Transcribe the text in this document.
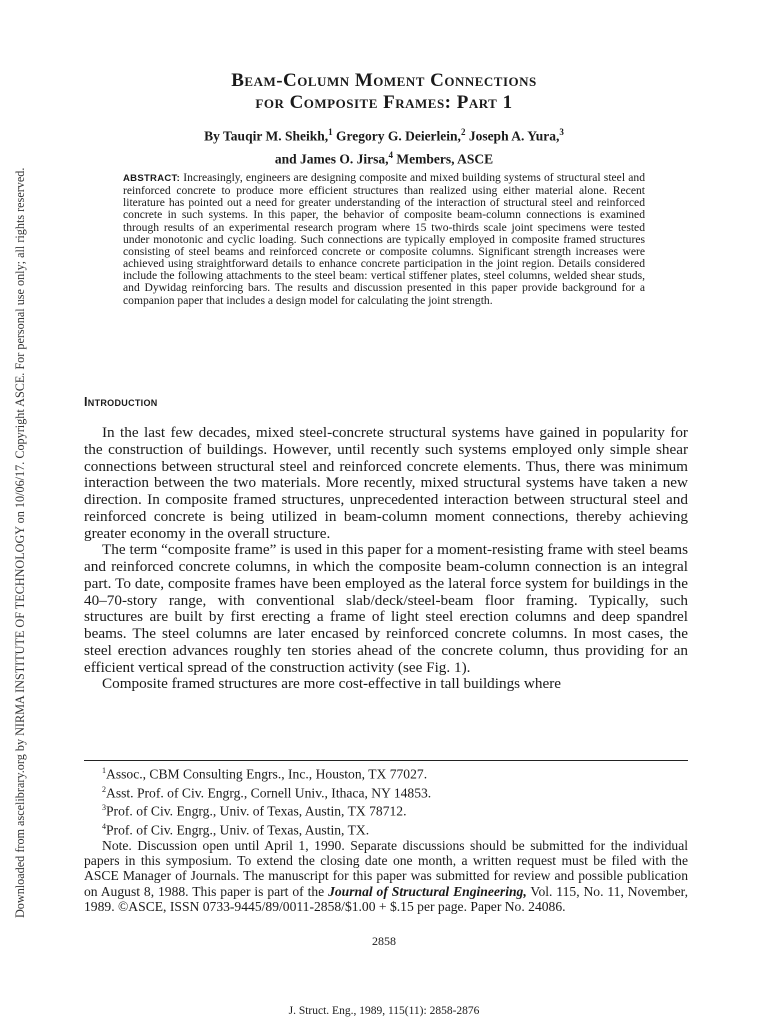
Downloaded from ascelibrary.org by NIRMA INSTITUTE OF TECHNOLOGY on 10/06/17. Copyright ASCE. For personal use only; all rights reserved.
Beam-Column Moment Connections
for Composite Frames: Part 1
By Tauqir M. Sheikh,$^1$ Gregory G. Deierlein,$^2$ Joseph A. Yura,$^3$
and James O. Jirsa,$^4$ Members, ASCE
ABSTRACT: Increasingly, engineers are designing composite and mixed building systems of structural steel and reinforced concrete to produce more efficient structures than realized using either material alone. Recent literature has pointed out a need for greater understanding of the interaction of structural steel and reinforced concrete in such systems. In this paper, the behavior of composite beam-column connections is examined through results of an experimental research program where 15 two-thirds scale joint specimens were tested under monotonic and cyclic loading. Such connections are typically employed in composite framed structures consisting of steel beams and reinforced concrete or composite columns. Significant strength increases were achieved using straightforward details to enhance concrete participation in the joint region. Details considered include the following attachments to the steel beam: vertical stiffener plates, steel columns, welded shear studs, and Dywidag reinforcing bars. The results and discussion presented in this paper provide background for a companion paper that includes a design model for calculating the joint strength.
Introduction

In the last few decades, mixed steel-concrete structural systems have gained in popularity for the construction of buildings. However, until recently such systems employed only simple shear connections between structural steel and reinforced concrete elements. Thus, there was minimum interaction between the two materials. More recently, mixed structural systems have taken a new direction. In composite framed structures, unprecedented interaction between structural steel and reinforced concrete is being utilized in beam-column moment connections, thereby achieving greater economy in the overall structure.

The term “composite frame” is used in this paper for a moment-resisting frame with steel beams and reinforced concrete columns, in which the composite beam-column connection is an integral part. To date, composite frames have been employed as the lateral force system for buildings in the 40–70-story range, with conventional slab/deck/steel-beam floor framing. Typically, such structures are built by first erecting a frame of light steel erection columns and deep spandrel beams. The steel columns are later encased by reinforced concrete columns. In most cases, the steel erection advances roughly ten stories ahead of the concrete column, thus providing for an efficient vertical spread of the construction activity (see Fig. 1).

Composite framed structures are more cost-effective in tall buildings where

$^1$Assoc., CBM Consulting Engrs., Inc., Houston, TX 77027.

$^2$Asst. Prof. of Civ. Engrg., Cornell Univ., Ithaca, NY 14853.

$^3$Prof. of Civ. Engrg., Univ. of Texas, Austin, TX 78712.

$^4$Prof. of Civ. Engrg., Univ. of Texas, Austin, TX.

Note. Discussion open until April 1, 1990. Separate discussions should be submitted for the individual papers in this symposium. To extend the closing date one month, a written request must be filed with the ASCE Manager of Journals. The manuscript for this paper was submitted for review and possible publication on August 8, 1988. This paper is part of the Journal of Structural Engineering, Vol. 115, No. 11, November, 1989. ©ASCE, ISSN 0733-9445/89/0011-2858/$1.00 + $.15 per page. Paper No. 24086.

2858
J. Struct. Eng., 1989, 115(11): 2858-2876
